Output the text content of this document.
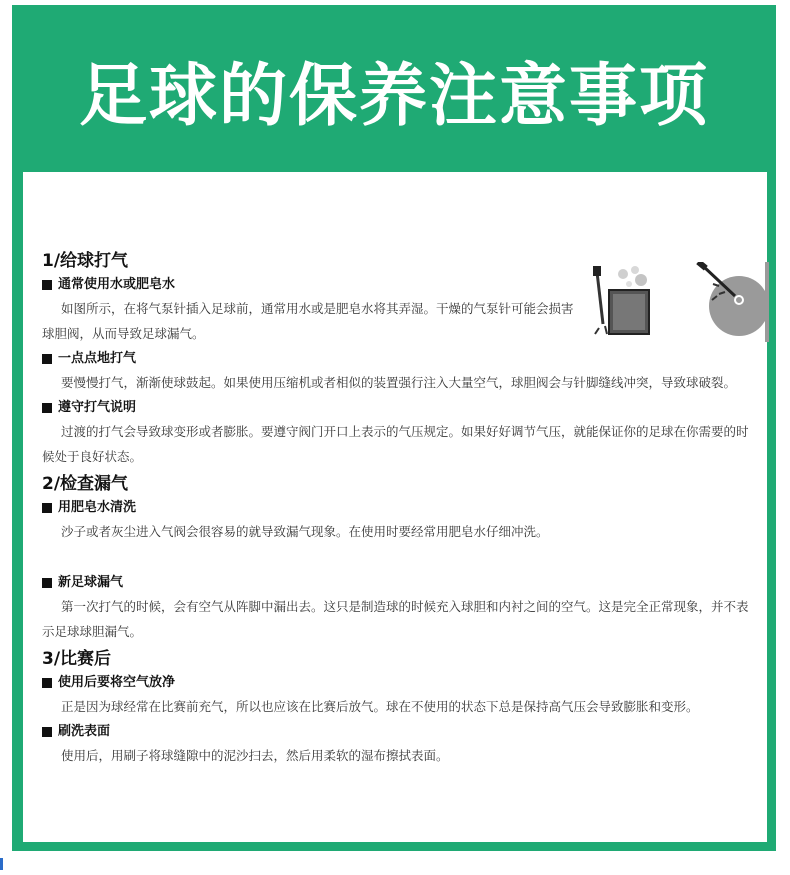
足球的保养注意事项
1/给球打气
通常使用水或肥皂水

如图所示，在将气泵针插入足球前，通常用水或是肥皂水将其弄湿。干燥的气泵针可能会损害球胆阀，从而导致足球漏气。

一点点地打气

要慢慢打气，渐渐使球鼓起。如果使用压缩机或者相似的装置强行注入大量空气，球胆阀会与针脚缝线冲突，导致球破裂。

遵守打气说明

过渡的打气会导致球变形或者膨胀。要遵守阀门开口上表示的气压规定。如果好好调节气压，就能保证你的足球在你需要的时候处于良好状态。

2/检查漏气
用肥皂水清洗

沙子或者灰尘进入气阀会很容易的就导致漏气现象。在使用时要经常用肥皂水仔细冲洗。

新足球漏气

第一次打气的时候，会有空气从阵脚中漏出去。这只是制造球的时候充入球胆和内衬之间的空气。这是完全正常现象，并不表示足球球胆漏气。

3/比赛后
使用后要将空气放净

正是因为球经常在比赛前充气，所以也应该在比赛后放气。球在不使用的状态下总是保持高气压会导致膨胀和变形。

刷洗表面

使用后，用刷子将球缝隙中的泥沙扫去，然后用柔软的湿布擦拭表面。
